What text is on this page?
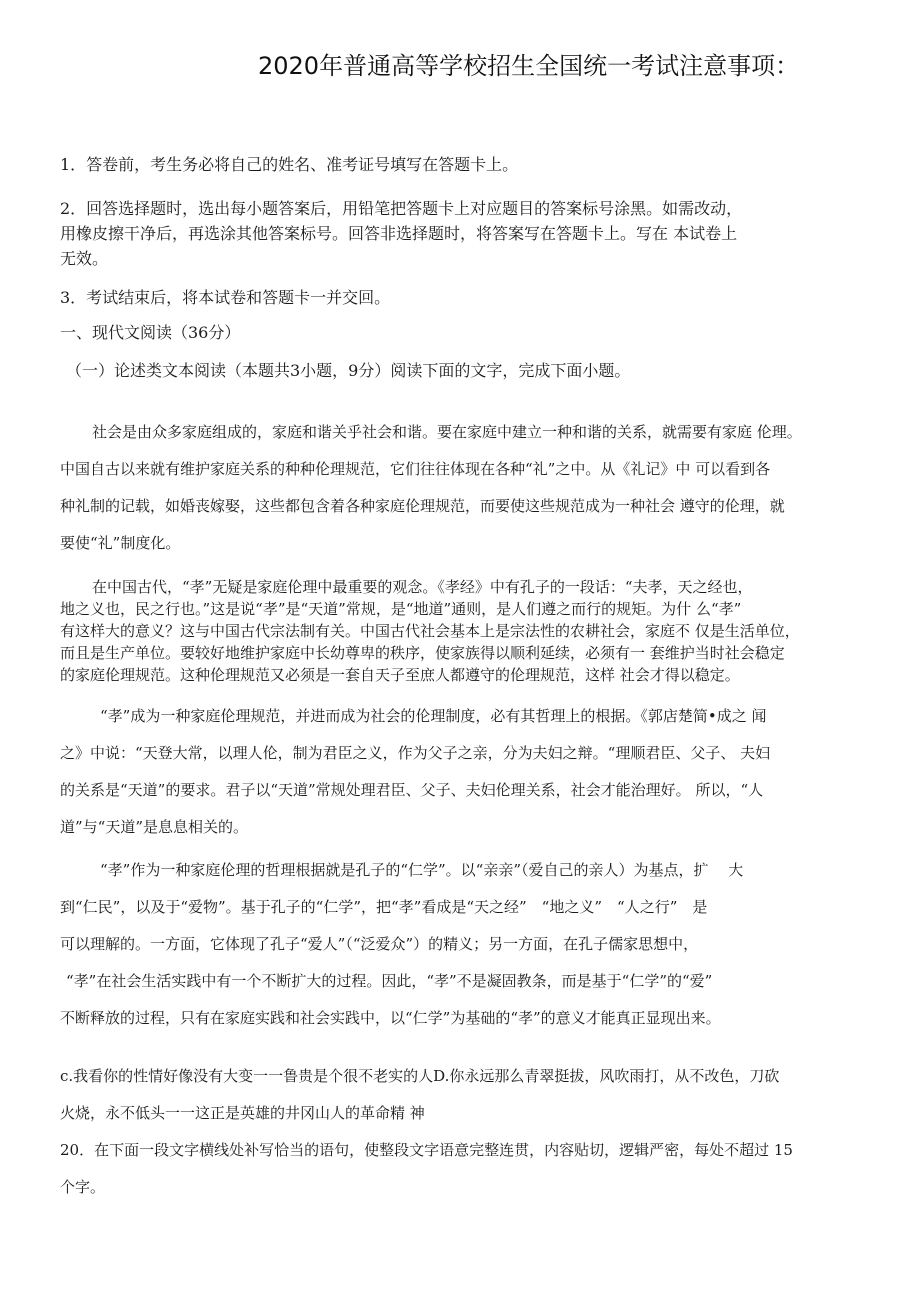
2020年普通高等学校招生全国统一考试注意事项：
1．答卷前，考生务必将自己的姓名、准考证号填写在答题卡上。
2．回答选择题时，选出每小题答案后，用铅笔把答题卡上对应题目的答案标号涂黑。如需改动，
用橡皮擦干净后，再选涂其他答案标号。回答非选择题时，将答案写在答题卡上。写在 本试卷上
无效。
3．考试结束后，将本试卷和答题卡一并交回。
一、现代文阅读（36分）
（一）论述类文本阅读（本题共3小题，9分）阅读下面的文字，完成下面小题。
社会是由众多家庭组成的，家庭和谐关乎社会和谐。要在家庭中建立一种和谐的关系，就需要有家庭 伦理。
中国自古以来就有维护家庭关系的种种伦理规范，它们往往体现在各种“礼”之中。从《礼记》中 可以看到各
种礼制的记载，如婚丧嫁娶，这些都包含着各种家庭伦理规范，而要使这些规范成为一种社会 遵守的伦理，就
要使“礼”制度化。
在中国古代，“孝”无疑是家庭伦理中最重要的观念。《孝经》中有孔子的一段话：“夫孝，天之经也，
地之义也，民之行也。”这是说“孝”是“天道”常规，是“地道”通则，是人们遵之而行的规矩。为什 么“孝”
有这样大的意义？这与中国古代宗法制有关。中国古代社会基本上是宗法性的农耕社会，家庭不 仅是生活单位，
而且是生产单位。要较好地维护家庭中长幼尊卑的秩序，使家族得以顺利延续，必须有一 套维护当时社会稳定
的家庭伦理规范。这种伦理规范又必须是一套自天子至庶人都遵守的伦理规范，这样 社会才得以稳定。
“孝”成为一种家庭伦理规范，并进而成为社会的伦理制度，必有其哲理上的根据。《郭店楚简•成之 闻
之》中说：“天登大常，以理人伦，制为君臣之义，作为父子之亲，分为夫妇之辩。“理顺君臣、父子、 夫妇
的关系是“天道”的要求。君子以“天道”常规处理君臣、父子、夫妇伦理关系，社会才能治理好。 所以，“人
道”与“天道”是息息相关的。
“孝”作为一种家庭伦理的哲理根据就是孔子的“仁学”。以“亲亲”（爱自己的亲人）为基点，扩　 大
到“仁民”，以及于“爱物”。基于孔子的“仁学”，把“孝”看成是“天之经”　“地之义”　“人之行”　是
可以理解的。一方面，它体现了孔子“爱人”（“泛爱众”）的精义；另一方面，在孔子儒家思想中，
“孝”在社会生活实践中有一个不断扩大的过程。因此，“孝”不是凝固教条，而是基于“仁学”的“爱”
不断释放的过程，只有在家庭实践和社会实践中，以“仁学”为基础的“孝”的意义才能真正显现出来。
c.我看你的性情好像没有大变一一鲁贵是个很不老实的人D.你永远那么青翠挺拔，风吹雨打，从不改色，刀砍
火烧，永不低头一一这正是英雄的井冈山人的革命精 神
20．在下面一段文字横线处补写恰当的语句，使整段文字语意完整连贯，内容贴切，逻辑严密，每处不超过 15
个字。
